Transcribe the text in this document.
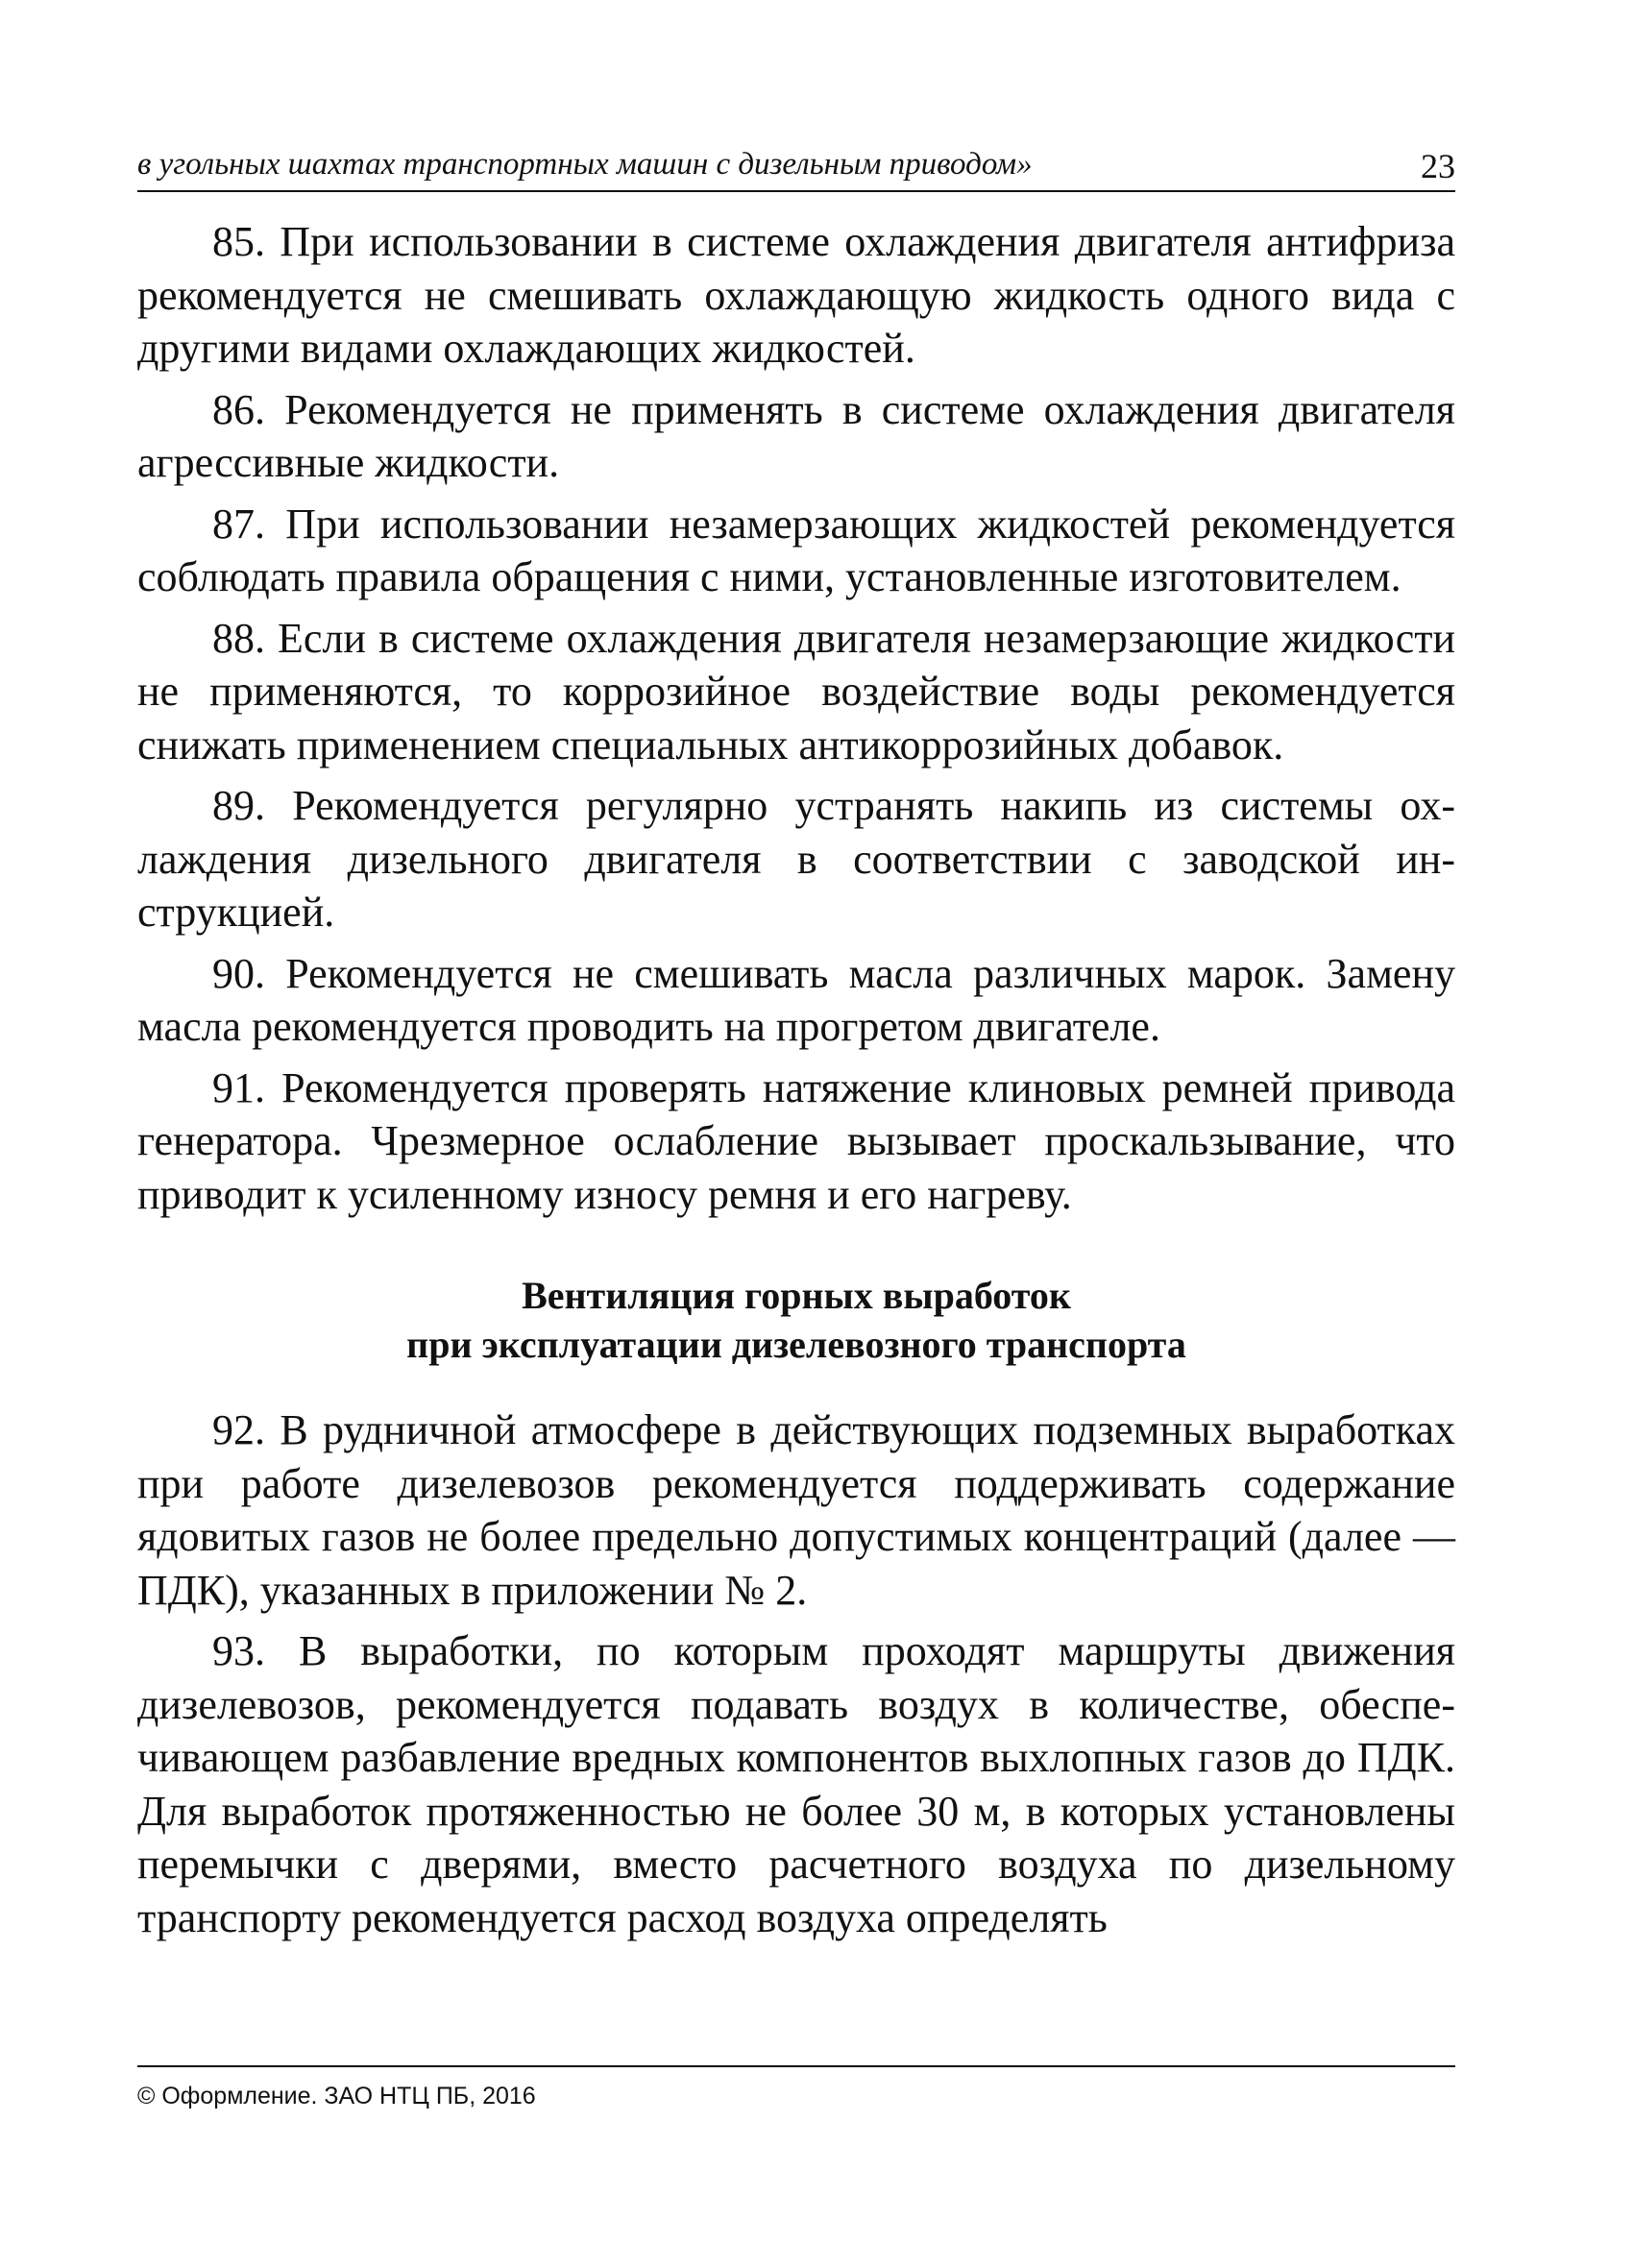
в угольных шахтах транспортных машин с дизельным приводом»	23

85. При использовании в системе охлаждения двигателя антифриза рекомендуется не смешивать охлаждающую жидкость одного вида с другими видами охлаждающих жидкостей.

86. Рекомендуется не применять в системе охлаждения двигателя агрессивные жидкости.

87. При использовании незамерзающих жидкостей рекомендуется соблюдать правила обращения с ними, установленные изготовителем.

88. Если в системе охлаждения двигателя незамерзающие жидкости не применяются, то коррозийное воздействие воды рекомендуется снижать применением специальных антикоррозийных добавок.

89. Рекомендуется регулярно устранять накипь из системы охлаждения дизельного двигателя в соответствии с заводской инструкцией.

90. Рекомендуется не смешивать масла различных марок. Замену масла рекомендуется проводить на прогретом двигателе.

91. Рекомендуется проверять натяжение клиновых ремней привода генератора. Чрезмерное ослабление вызывает проскальзывание, что приводит к усиленному износу ремня и его нагреву.

Вентиляция горных выработок
при эксплуатации дизелевозного транспорта

92. В рудничной атмосфере в действующих подземных выработках при работе дизелевозов рекомендуется поддерживать содержание ядовитых газов не более предельно допустимых концентраций (далее — ПДК), указанных в приложении № 2.

93. В выработки, по которым проходят маршруты движения дизелевозов, рекомендуется подавать воздух в количестве, обеспечивающем разбавление вредных компонентов выхлопных газов до ПДК. Для выработок протяженностью не более 30 м, в которых установлены перемычки с дверями, вместо расчетного воздуха по дизельному транспорту рекомендуется расход воздуха определять

© Оформление. ЗАО НТЦ ПБ, 2016
